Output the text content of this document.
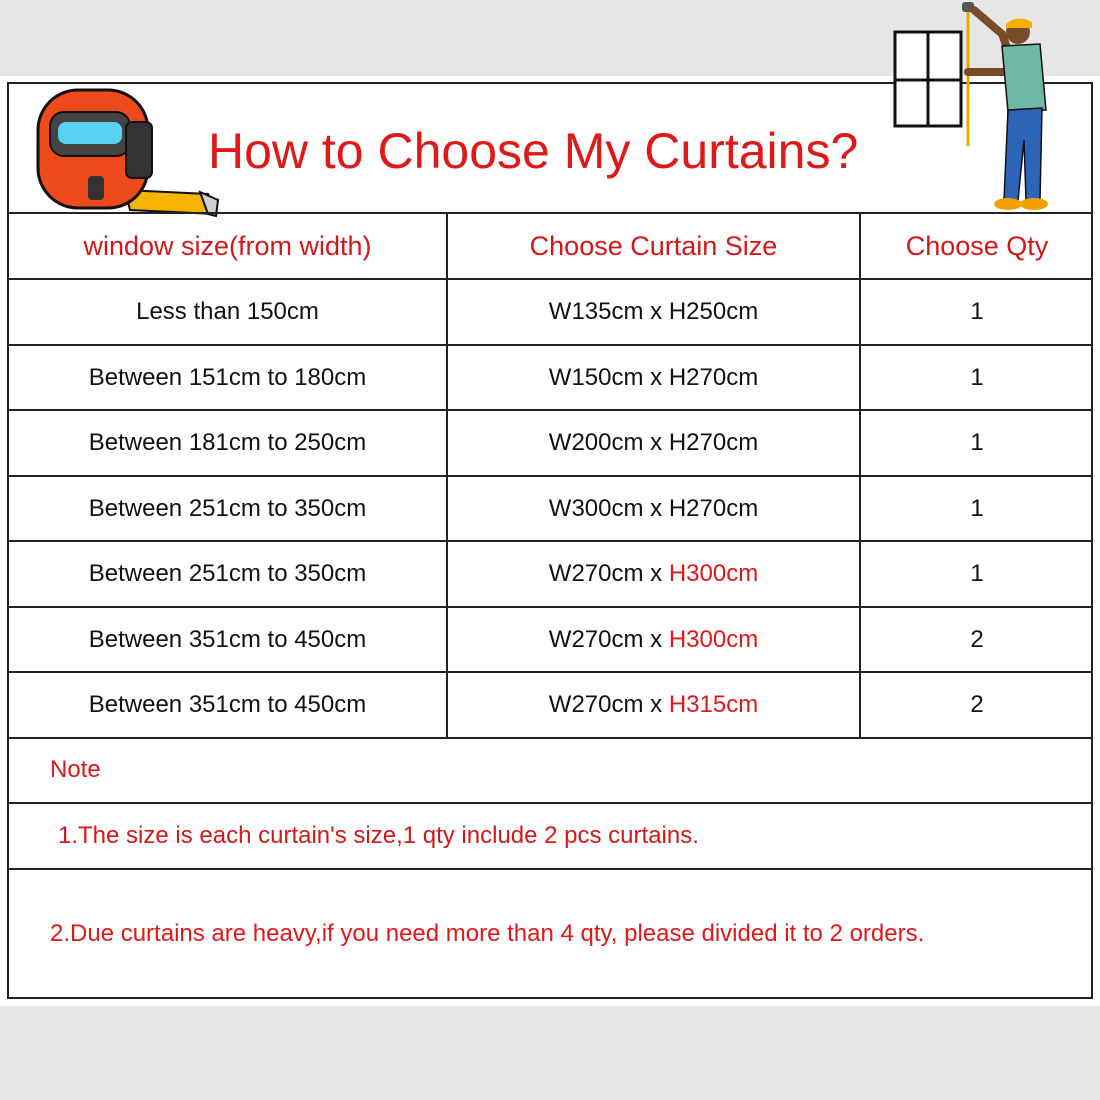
How to Choose My Curtains?
window size(from width)	Choose Curtain Size	Choose Qty
Less than 150cm	W135cm x H250cm	1
Between 151cm to 180cm	W150cm x H270cm	1
Between 181cm to 250cm	W200cm x H270cm	1
Between 251cm to 350cm	W300cm x H270cm	1
Between 251cm to 350cm	W270cm x H300cm	1
Between 351cm to 450cm	W270cm x H300cm	2
Between 351cm to 450cm	W270cm x H315cm	2
Note
1.The size is each curtain's size,1 qty include 2 pcs curtains.
2.Due curtains are heavy,if you need more than 4 qty, please divided it to 2 orders.
